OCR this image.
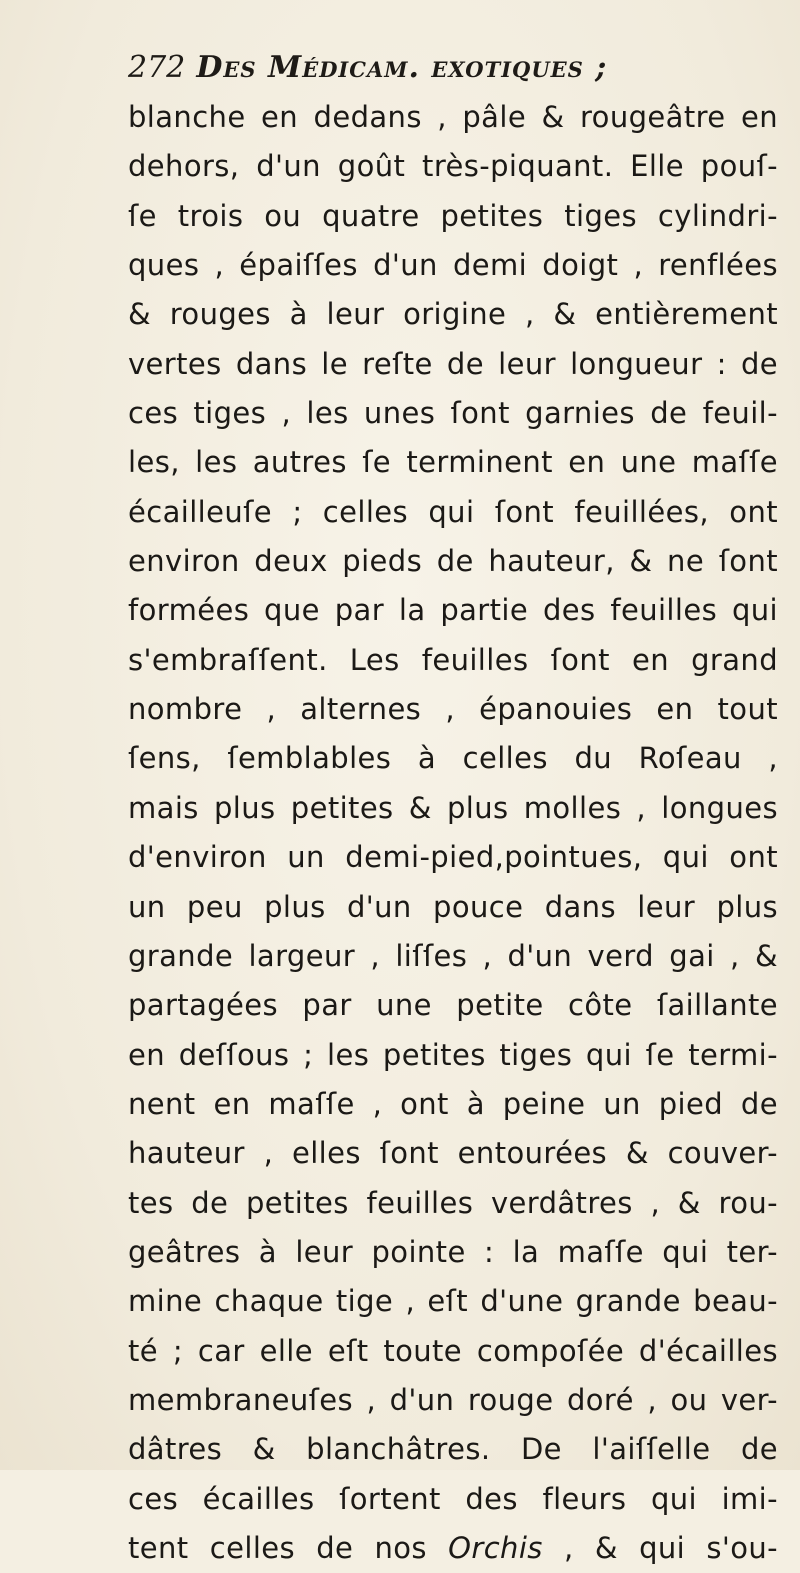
272 Des Médicam. exotiques ;
blanche en dedans , pâle & rougeâtre en
dehors, d'un goût très-piquant. Elle pouſ-
ſe trois ou quatre petites tiges cylindri-
ques , épaiſſes d'un demi doigt , renflées
& rouges à leur origine , & entièrement
vertes dans le reſte de leur longueur : de
ces tiges , les unes ſont garnies de feuil-
les, les autres ſe terminent en une maſſe
écailleuſe ; celles qui ſont feuillées, ont
environ deux pieds de hauteur, & ne ſont
formées que par la partie des feuilles qui
s'embraſſent. Les feuilles ſont en grand
nombre , alternes , épanouies en tout
ſens, ſemblables à celles du Roſeau ,
mais plus petites & plus molles , longues
d'environ un demi-pied,pointues, qui ont
un peu plus d'un pouce dans leur plus
grande largeur , liſſes , d'un verd gai , &
partagées par une petite côte ſaillante
en deſſous ; les petites tiges qui ſe termi-
nent en maſſe , ont à peine un pied de
hauteur , elles ſont entourées & couver-
tes de petites feuilles verdâtres , & rou-
geâtres à leur pointe : la maſſe qui ter-
mine chaque tige , eſt d'une grande beau-
té ; car elle eſt toute compoſée d'écailles
membraneuſes , d'un rouge doré , ou ver-
dâtres & blanchâtres. De l'aiſſelle de
ces écailles ſortent des fleurs qui imi-
tent celles de nos Orchis , & qui s'ou-
